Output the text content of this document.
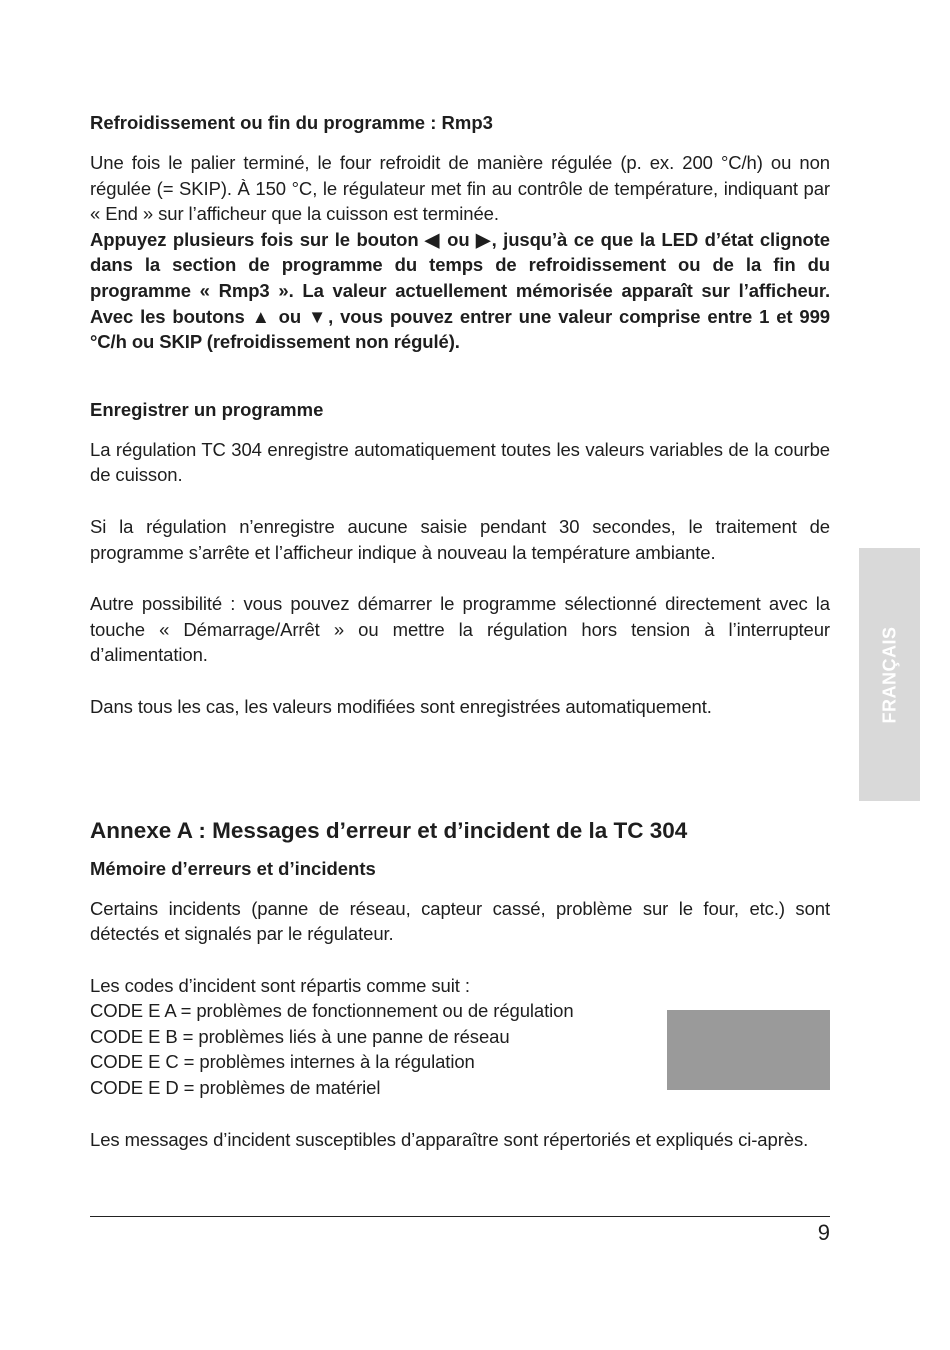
Refroidissement ou fin du programme : Rmp3

Une fois le palier terminé, le four refroidit de manière régulée (p. ex. 200 °C/h) ou non régulée (= SKIP). À 150 °C, le régulateur met fin au contrôle de température, indiquant par « End » sur l’afficheur que la cuisson est terminée.

Appuyez plusieurs fois sur le bouton ◀ ou ▶, jusqu’à ce que la LED d’état clignote dans la section de programme du temps de refroidissement ou de la fin du programme « Rmp3 ». La valeur actuellement mémorisée apparaît sur l’afficheur. Avec les boutons ▲ ou ▼, vous pouvez entrer une valeur comprise entre 1 et 999 °C/h ou SKIP (refroidissement non régulé).

Enregistrer un programme

La régulation TC 304 enregistre automatiquement toutes les valeurs variables de la courbe de cuisson.

Si la régulation n’enregistre aucune saisie pendant 30 secondes, le traitement de programme s’arrête et l’afficheur indique à nouveau la température ambiante.

Autre possibilité : vous pouvez démarrer le programme sélectionné directement avec la touche « Démarrage/Arrêt » ou mettre la régulation hors tension à l’interrupteur d’alimentation.

Dans tous les cas, les valeurs modifiées sont enregistrées automatiquement.

Annexe A : Messages d’erreur et d’incident de la TC 304
Mémoire d’erreurs et d’incidents

Certains incidents (panne de réseau, capteur cassé, problème sur le four, etc.) sont détectés et signalés par le régulateur.

Les codes d’incident sont répartis comme suit :

CODE E A = problèmes de fonctionnement ou de régulation

CODE E B = problèmes liés à une panne de réseau

CODE E C = problèmes internes à la régulation

CODE E D = problèmes de matériel

Les messages d’incident susceptibles d’apparaître sont répertoriés et expliqués ci-après.

FRANÇAIS
9
